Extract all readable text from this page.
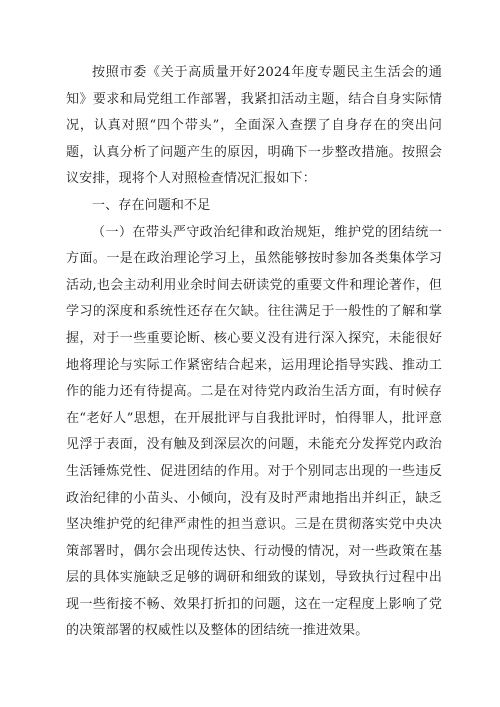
按照市委《关于高质量开好2024年度专题民主生活会的通知》要求和局党组工作部署，我紧扣活动主题，结合自身实际情况，认真对照“四个带头”，全面深入查摆了自身存在的突出问题，认真分析了问题产生的原因，明确下一步整改措施。按照会议安排，现将个人对照检查情况汇报如下：

一、存在问题和不足

（一）在带头严守政治纪律和政治规矩，维护党的团结统一方面。一是在政治理论学习上，虽然能够按时参加各类集体学习活动,也会主动利用业余时间去研读党的重要文件和理论著作，但学习的深度和系统性还存在欠缺。往往满足于一般性的了解和掌握，对于一些重要论断、核心要义没有进行深入探究，未能很好地将理论与实际工作紧密结合起来，运用理论指导实践、推动工作的能力还有待提高。二是在对待党内政治生活方面，有时候存在“老好人”思想，在开展批评与自我批评时，怕得罪人，批评意见浮于表面，没有触及到深层次的问题，未能充分发挥党内政治生活锤炼党性、促进团结的作用。对于个别同志出现的一些违反政治纪律的小苗头、小倾向，没有及时严肃地指出并纠正，缺乏坚决维护党的纪律严肃性的担当意识。三是在贯彻落实党中央决策部署时，偶尔会出现传达快、行动慢的情况，对一些政策在基层的具体实施缺乏足够的调研和细致的谋划，导致执行过程中出现一些衔接不畅、效果打折扣的问题，这在一定程度上影响了党的决策部署的权威性以及整体的团结统一推进效果。
